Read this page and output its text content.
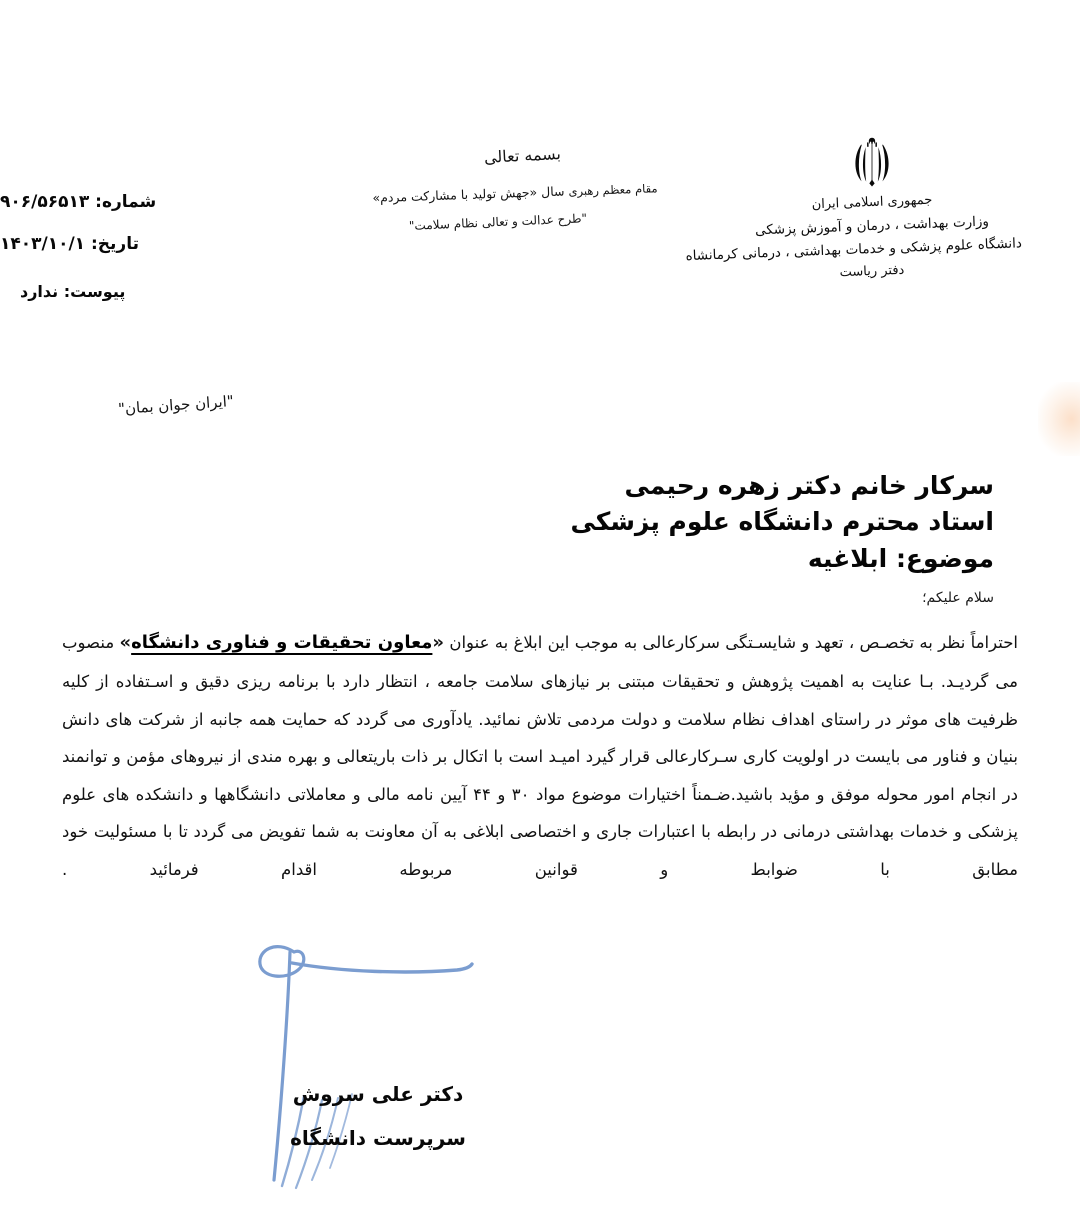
جمهوری اسلامی ایران
وزارت بهداشت ، درمان و آموزش پزشکی
دانشگاه علوم پزشکی و خدمات بهداشتی ، درمانی کرمانشاه
دفتر ریاست
بسمه تعالی
مقام معظم رهبری سال «جهش تولید با مشارکت مردم»
"طرح عدالت و تعالی نظام سلامت"
شماره: ۹۰۶/۵۶۵۱۳
تاریخ: ۱۴۰۳/۱۰/۱
پیوست: ندارد
"ایران جوان بمان"
سرکار خانم دکتر زهره رحیمی
استاد محترم دانشگاه علوم پزشکی
موضوع: ابلاغیه
سلام علیکم؛

احتراماً نظر به تخصـص ، تعهد و شایسـتگی سرکارعالی به موجب این ابلاغ به عنوان «معاون تحقیقات و فناوری دانشگاه» منصوب می گردیـد. بـا عنایت به اهمیت پژوهش و تحقیقات مبتنی بر نیازهای سلامت جامعه ، انتظار دارد با برنامه ریزی دقیق و اسـتفاده از کلیه ظرفیت های موثر در راستای اهداف نظام سلامت و دولت مردمی تلاش نمائید. یادآوری می گردد که حمایت همه جانبه از شرکت های دانش بنیان و فناور می بایست در اولویت کاری سـرکارعالی قرار گیرد امیـد است با اتکال بر ذات باریتعالی و بهره مندی از نیروهای مؤمن و توانمند در انجام امور محوله موفق و مؤید باشید.ضـمناً اختیارات موضوع مواد ۳۰ و ۴۴ آیین نامه مالی و معاملاتی دانشگاهها و دانشکده های علوم پزشکی و خدمات بهداشتی درمانی در رابطه با اعتبارات جاری و اختصاصی ابلاغی به آن معاونت به شما تفویض می گردد تا با مسئولیت خود مطابق با ضوابط و قوانین مربوطه اقدام فرمائید .

دکتر علی سروش
سرپرست دانشگاه
